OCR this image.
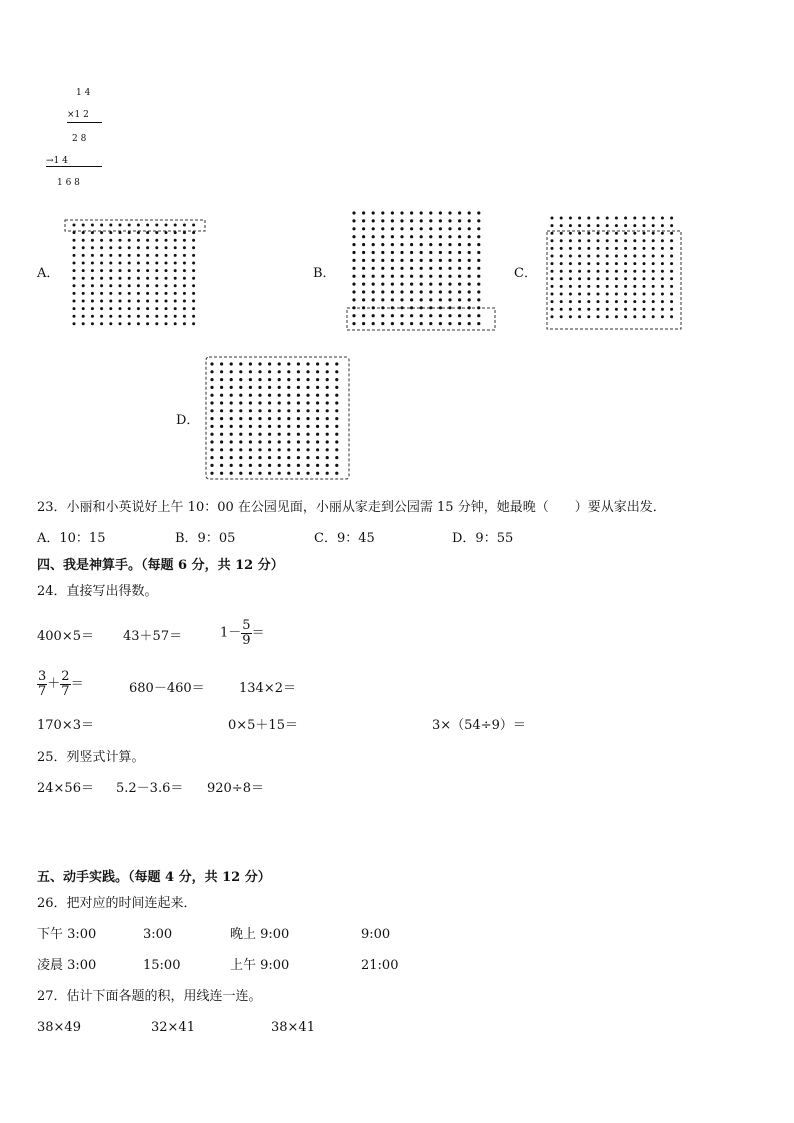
1 4
×1 2
2 8
→1 4
1 6 8
A．	B．	C．
D．
23．小丽和小英说好上午 10：00 在公园见面，小丽从家走到公园需 15 分钟，她最晚（　　）要从家出发．
A．10：15	B．9：05	C．9：45	D．9：55
四、我是神算手。（每题 6 分，共 12 分）
24．直接写出得数。
400×5＝ 43＋57＝	$1- \frac{5}{9}$ ＝
$\frac{3}{7} + \frac{2}{7}$ ＝	680－460＝	134×2＝
170×3＝	0×5＋15＝	3×（54÷9）＝
25．列竖式计算。
24×56＝ 5.2－3.6＝ 920÷8＝
五、动手实践。（每题 4 分，共 12 分）
26．把对应的时间连起来．
下午 3:00	3:00	晚上 9:00	9:00
凌晨 3:00	15:00	上午 9:00	21:00
27．估计下面各题的积，用线连一连。
38×49	32×41	38×41
